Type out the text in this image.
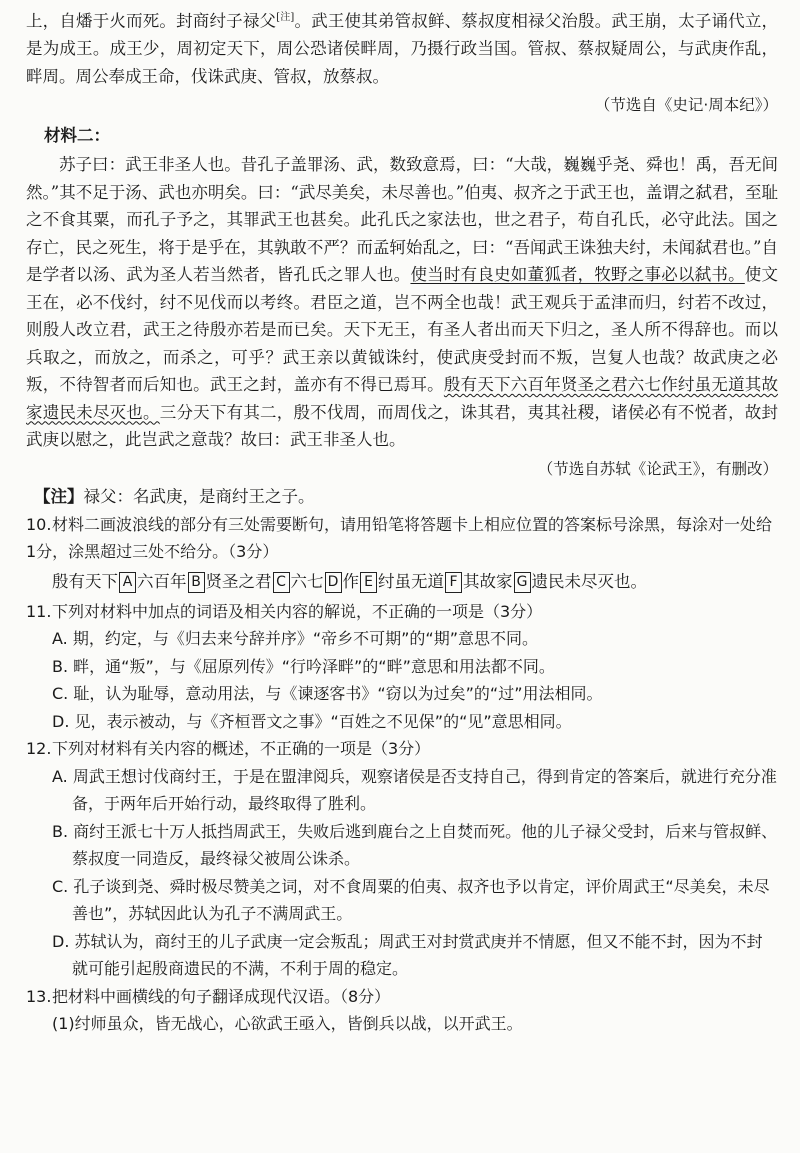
上，自燔于火而死。封商纣子禄父[注]。武王使其弟管叔鲜、蔡叔度相禄父治殷。武王崩，太子诵代立，是为成王。成王少，周初定天下，周公恐诸侯畔周，乃摄行政当国。管叔、蔡叔疑周公，与武庚作乱，畔周。周公奉成王命，伐诛武庚、管叔，放蔡叔。

（节选自《史记·周本纪》）

材料二：

苏子曰：武王非圣人也。昔孔子盖罪汤、武，数致意焉，曰：“大哉，巍巍乎尧、舜也！禹，吾无间然。”其不足于汤、武也亦明矣。曰：“武尽美矣，未尽善也。”伯夷、叔齐之于武王也，盖谓之弑君，至耻之不食其粟，而孔子予之，其罪武王也甚矣。此孔氏之家法也，世之君子，苟自孔氏，必守此法。国之存亡，民之死生，将于是乎在，其孰敢不严？而孟轲始乱之，曰：“吾闻武王诛独夫纣，未闻弑君也。”自是学者以汤、武为圣人若当然者，皆孔氏之罪人也。使当时有良史如董狐者，牧野之事必以弑书。使文王在，必不伐纣，纣不见伐而以考终。君臣之道，岂不两全也哉！武王观兵于孟津而归，纣若不改过，则殷人改立君，武王之待殷亦若是而已矣。天下无王，有圣人者出而天下归之，圣人所不得辞也。而以兵取之，而放之，而杀之，可乎？武王亲以黄钺诛纣，使武庚受封而不叛，岂复人也哉？故武庚之必叛，不待智者而后知也。武王之封，盖亦有不得已焉耳。殷有天下六百年贤圣之君六七作纣虽无道其故家遗民未尽灭也。三分天下有其二，殷不伐周，而周伐之，诛其君，夷其社稷，诸侯必有不悦者，故封武庚以慰之，此岂武之意哉？故曰：武王非圣人也。

（节选自苏轼《论武王》，有删改）

【注】禄父：名武庚，是商纣王之子。

10.材料二画波浪线的部分有三处需要断句，请用铅笔将答题卡上相应位置的答案标号涂黑，每涂对一处给1分，涂黑超过三处不给分。（3分）

殷有天下 A 六百年 B 贤圣之君 C 六七 D 作 E 纣虽无道 F 其故家 G 遗民未尽灭也。

11.下列对材料中加点的词语及相关内容的解说，不正确的一项是（3分）

A. 期，约定，与《归去来兮辞并序》“帝乡不可期”的“期”意思不同。

B. 畔，通“叛”，与《屈原列传》“行吟泽畔”的“畔”意思和用法都不同。

C. 耻，认为耻辱，意动用法，与《谏逐客书》“窃以为过矣”的“过”用法相同。

D. 见，表示被动，与《齐桓晋文之事》“百姓之不见保”的“见”意思相同。

12.下列对材料有关内容的概述，不正确的一项是（3分）

A. 周武王想讨伐商纣王，于是在盟津阅兵，观察诸侯是否支持自己，得到肯定的答案后，就进行充分准备，于两年后开始行动，最终取得了胜利。

B. 商纣王派七十万人抵挡周武王，失败后逃到鹿台之上自焚而死。他的儿子禄父受封，后来与管叔鲜、蔡叔度一同造反，最终禄父被周公诛杀。

C. 孔子谈到尧、舜时极尽赞美之词，对不食周粟的伯夷、叔齐也予以肯定，评价周武王“尽美矣，未尽善也”，苏轼因此认为孔子不满周武王。

D. 苏轼认为，商纣王的儿子武庚一定会叛乱；周武王对封赏武庚并不情愿，但又不能不封，因为不封就可能引起殷商遗民的不满，不利于周的稳定。

13.把材料中画横线的句子翻译成现代汉语。（8分）

(1)纣师虽众，皆无战心，心欲武王亟入，皆倒兵以战，以开武王。
